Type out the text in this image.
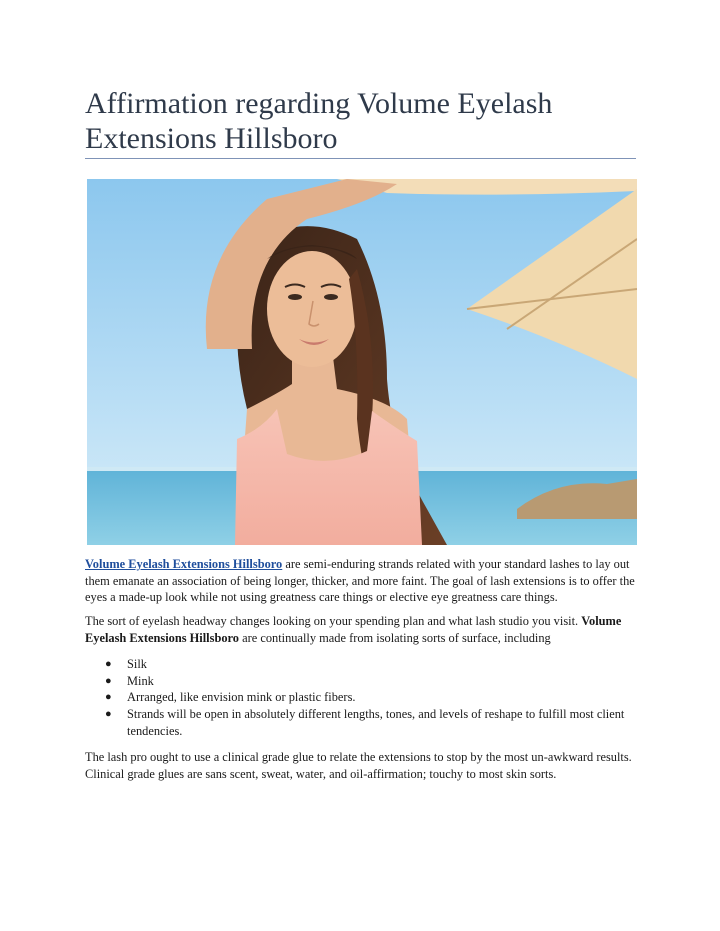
Affirmation regarding Volume Eyelash Extensions Hillsboro

Volume Eyelash Extensions Hillsboro are semi-enduring strands related with your standard lashes to lay out them emanate an association of being longer, thicker, and more faint. The goal of lash extensions is to offer the eyes a made-up look while not using greatness care things or elective eye greatness care things.

The sort of eyelash headway changes looking on your spending plan and what lash studio you visit. Volume Eyelash Extensions Hillsboro are continually made from isolating sorts of surface, including

● Silk
● Mink
● Arranged, like envision mink or plastic fibers.
● Strands will be open in absolutely different lengths, tones, and levels of reshape to fulfill most client tendencies.

The lash pro ought to use a clinical grade glue to relate the extensions to stop by the most un-awkward results. Clinical grade glues are sans scent, sweat, water, and oil-affirmation; touchy to most skin sorts.
